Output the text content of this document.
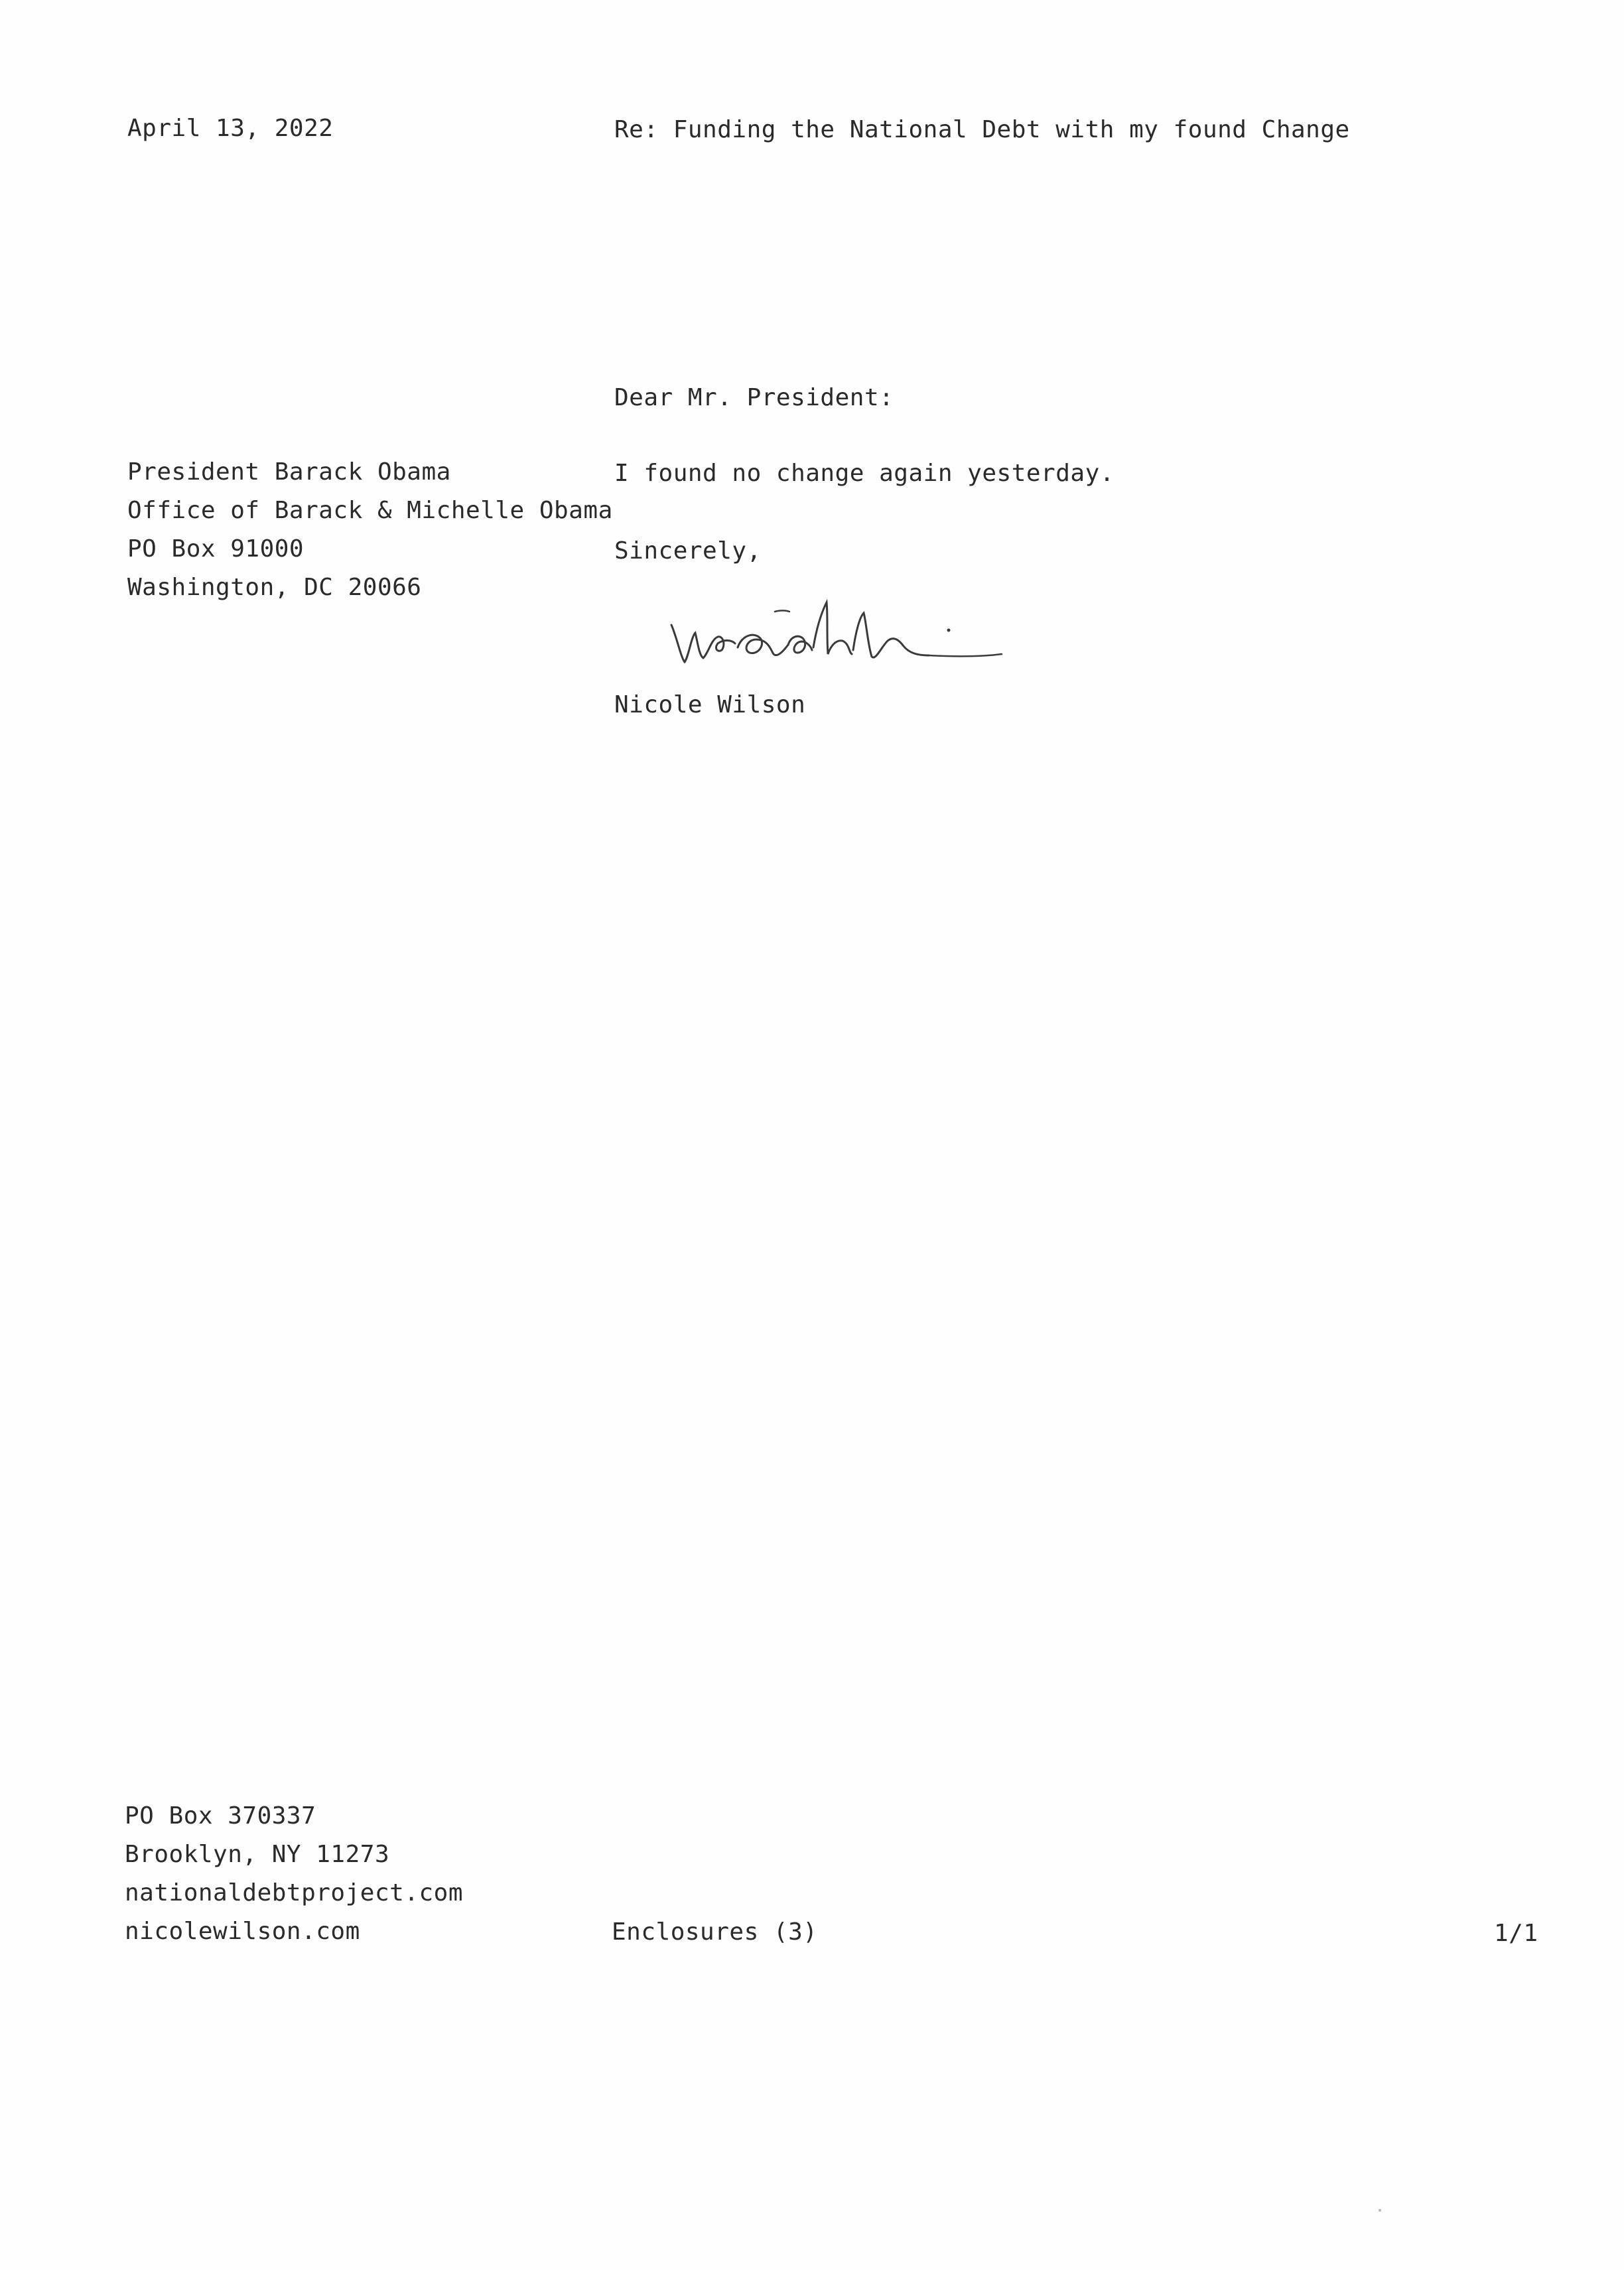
April 13, 2022	Re: Funding the National Debt with my found Change
Dear Mr. President:
President Barack Obama
Office of Barack & Michelle Obama
PO Box 91000
Washington, DC 20066
I found no change again yesterday.
Sincerely,
Nicole Wilson
PO Box 370337
Brooklyn, NY 11273
nationaldebtproject.com
nicolewilson.com	Enclosures (3)	1/1
